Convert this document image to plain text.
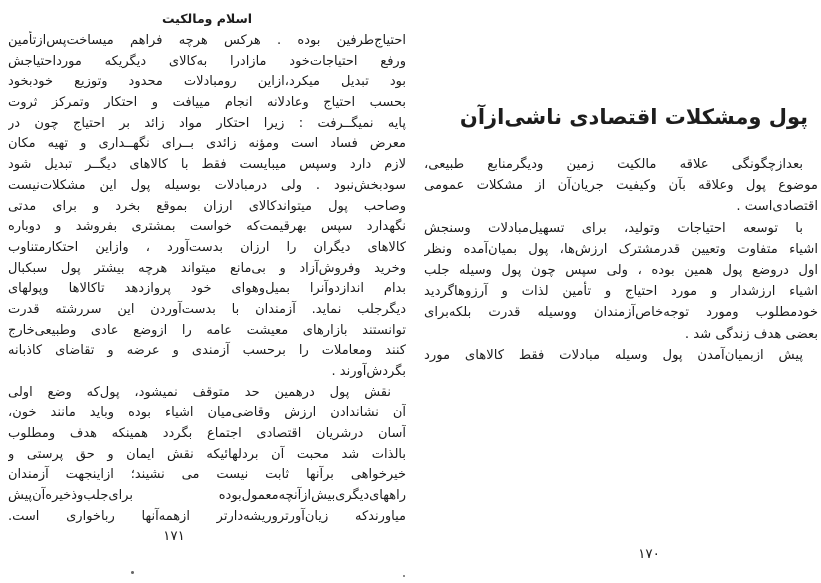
اسلام ومالکیت
احتیاج‌طرفین بوده . هرکس هرچه فراهم میساخت‌پس‌ازتأمین
ورفع احتیاجات‌خود مازادرا به‌کالای دیگریکه مورداحتیاجش
بود تبدیل میکرد،ازاین رومبادلات محدود وتوزیع خودبخود
بحسب احتیاج وعادلانه انجام مییافت و احتکار وتمرکز ثروت
پایه نمیگــرفت : زیرا احتکار مواد زائد بر احتیاج چون در
معرض فساد است ومؤنه زائدی بــرای نگهــداری و تهیه مکان
لازم دارد وسپس میبایست فقط با کالاهای دیگــر تبدیل شود
سودبخش‌نبود . ولی درمبادلات بوسیله پول این مشکلات‌نیست
وصاحب پول میتواندکالای ارزان بموقع بخرد و برای مدتی
نگهدارد سپس بهرقیمت‌که خواست بمشتری بفروشد و دوباره
کالاهای دیگران را ارزان بدست‌آورد ، وازاین احتکارمتناوب
وخرید وفروش‌آزاد و بی‌مانع میتواند هرچه بیشتر پول سبکبال
بدام اندازدوآنرا بمیل‌وهوای خود پروازدهد تاکالاها وپولهای
دیگرجلب نماید. آزمندان با بدست‌آوردن این سررشته قدرت
توانستند بازارهای معیشت عامه را ازوضع عادی وطبیعی‌خارج
کنند ومعاملات را برحسب آزمندی و عرضه و تقاضای کاذبانه
بگردش‌آورند .
نقش پول درهمین حد متوقف نمیشود، پول‌که وضع اولی
آن نشاندادن ارزش وقاضی‌میان اشیاء بوده وباید مانند خون،
آسان درشریان اقتصادی اجتماع بگردد همینکه هدف ومطلوب
بالذات شد محبت آن بردلهائیکه نقش ایمان و حق پرستی و
خیرخواهی برآنها ثابت نیست می نشیند؛ ازاینجهت آزمندان
راههای‌دیگری‌بیش‌ازآنچه‌معمول‌بوده برای‌جلب‌وذخیره‌آن‌پیش
میاورندکه زیان‌آورتروریشه‌دارتر ازهمه‌آنها رباخواری است.
۱۷۱
پول ومشکلات اقتصادی ناشی‌ازآن
بعدازچگونگی علاقه مالکیت زمین ودیگرمنابع طبیعی،
موضوع پول وعلاقه بآن وکیفیت جریان‌آن از مشکلات عمومی
اقتصادی‌است .
با توسعه احتیاجات وتولید، برای تسهیل‌مبادلات وسنجش
اشیاء متفاوت وتعیین قدرمشترک ارزش‌ها، پول بمیان‌آمده ونظر
اول دروضع پول همین بوده ، ولی سپس چون پول وسیله جلب
اشیاء ارزشدار و مورد احتیاج و تأمین لذات و آرزوهاگردید
خودمطلوب ومورد توجه‌خاص‌آزمندان ووسیله قدرت بلکه‌برای
بعضی هدف زندگی شد .
پیش ازبمیان‌آمدن پول وسیله مبادلات فقط کالاهای مورد
۱۷۰
